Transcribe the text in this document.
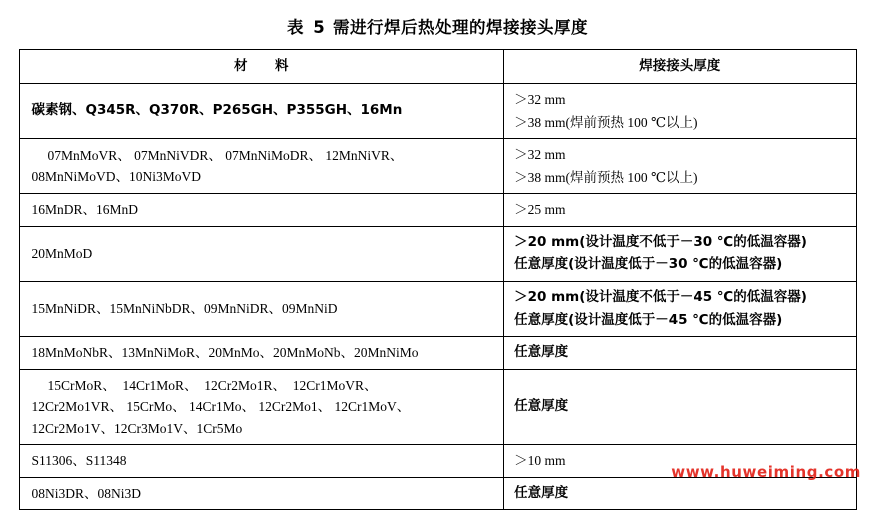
表 5 需进行焊后热处理的焊接接头厚度
材　料	焊接接头厚度

碳素钢、Q345R、Q370R、P265GH、P355GH、16Mn	＞32 mm
＞38 mm(焊前预热 100 ℃以上)

07MnMoVR、 07MnNiVDR、 07MnNiMoDR、 12MnNiVR、
08MnNiMoVD、10Ni3MoVD	＞32 mm
＞38 mm(焊前预热 100 ℃以上)

16MnDR、16MnD	＞25 mm

20MnMoD	＞20 mm(设计温度不低于－30 ℃的低温容器)
任意厚度(设计温度低于－30 ℃的低温容器)

15MnNiDR、15MnNiNbDR、09MnNiDR、09MnNiD	＞20 mm(设计温度不低于－45 ℃的低温容器)
任意厚度(设计温度低于－45 ℃的低温容器)

18MnMoNbR、13MnNiMoR、20MnMo、20MnMoNb、20MnNiMo	任意厚度

15CrMoR、　14Cr1MoR、　12Cr2Mo1R、　12Cr1MoVR、
12Cr2Mo1VR、 15CrMo、 14Cr1Mo、 12Cr2Mo1、 12Cr1MoV、
12Cr2Mo1V、12Cr3Mo1V、1Cr5Mo	任意厚度

S11306、S11348	＞10 mm

08Ni3DR、08Ni3D	任意厚度
www.huweiming.com
